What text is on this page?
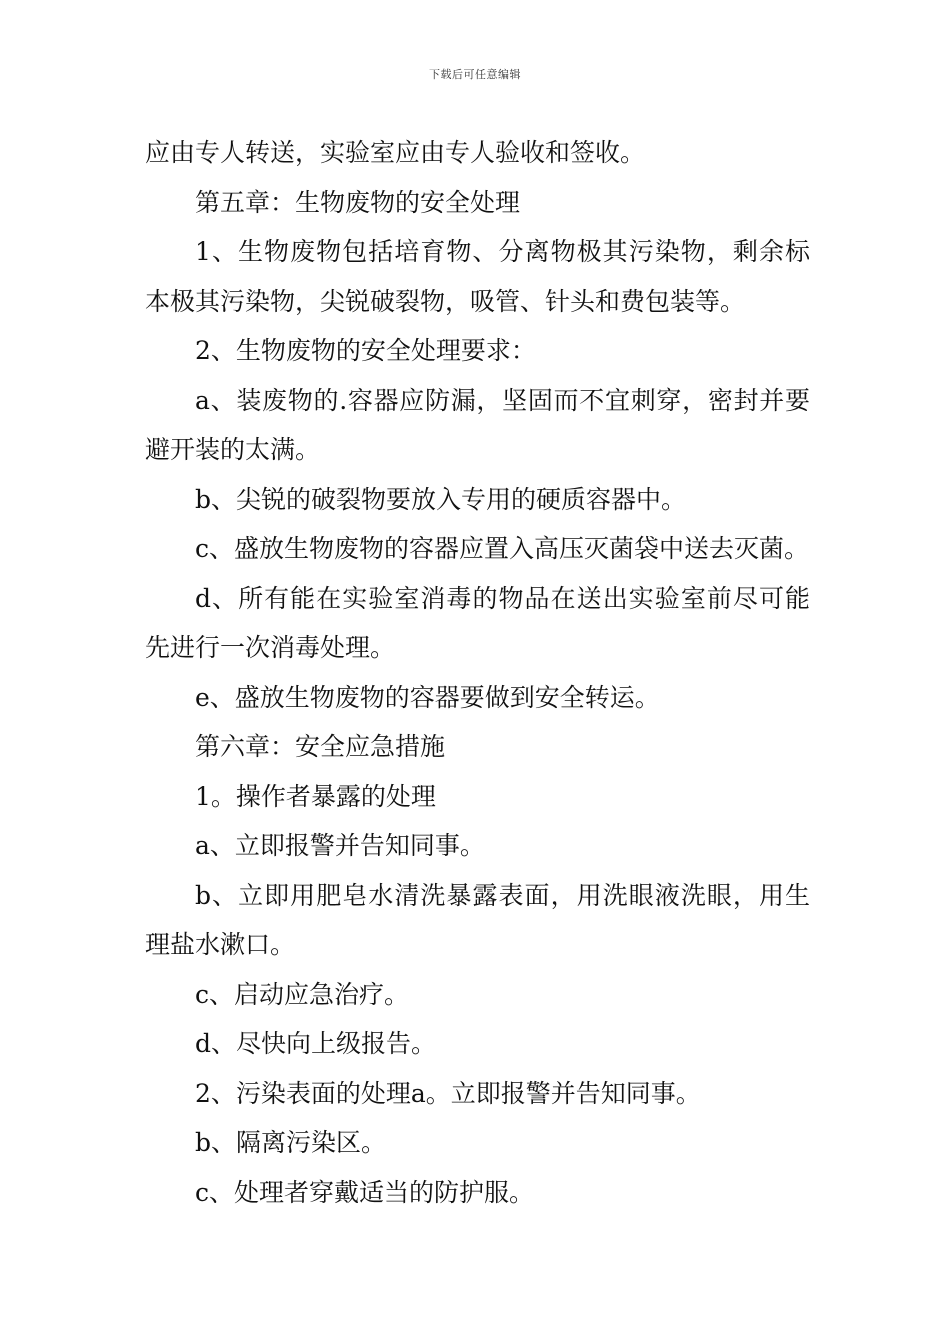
下载后可任意编辑

应由专人转送，实验室应由专人验收和签收。

第五章：生物废物的安全处理

1、生物废物包括培育物、分离物极其污染物，剩余标本极其污染物，尖锐破裂物，吸管、针头和费包装等。

2、生物废物的安全处理要求：

a、装废物的.容器应防漏，坚固而不宜刺穿，密封并要避开装的太满。

b、尖锐的破裂物要放入专用的硬质容器中。

c、盛放生物废物的容器应置入高压灭菌袋中送去灭菌。

d、所有能在实验室消毒的物品在送出实验室前尽可能先进行一次消毒处理。

e、盛放生物废物的容器要做到安全转运。

第六章：安全应急措施

1。操作者暴露的处理

a、立即报警并告知同事。

b、立即用肥皂水清洗暴露表面，用洗眼液洗眼，用生理盐水漱口。

c、启动应急治疗。

d、尽快向上级报告。

2、污染表面的处理a。立即报警并告知同事。

b、隔离污染区。

c、处理者穿戴适当的防护服。
